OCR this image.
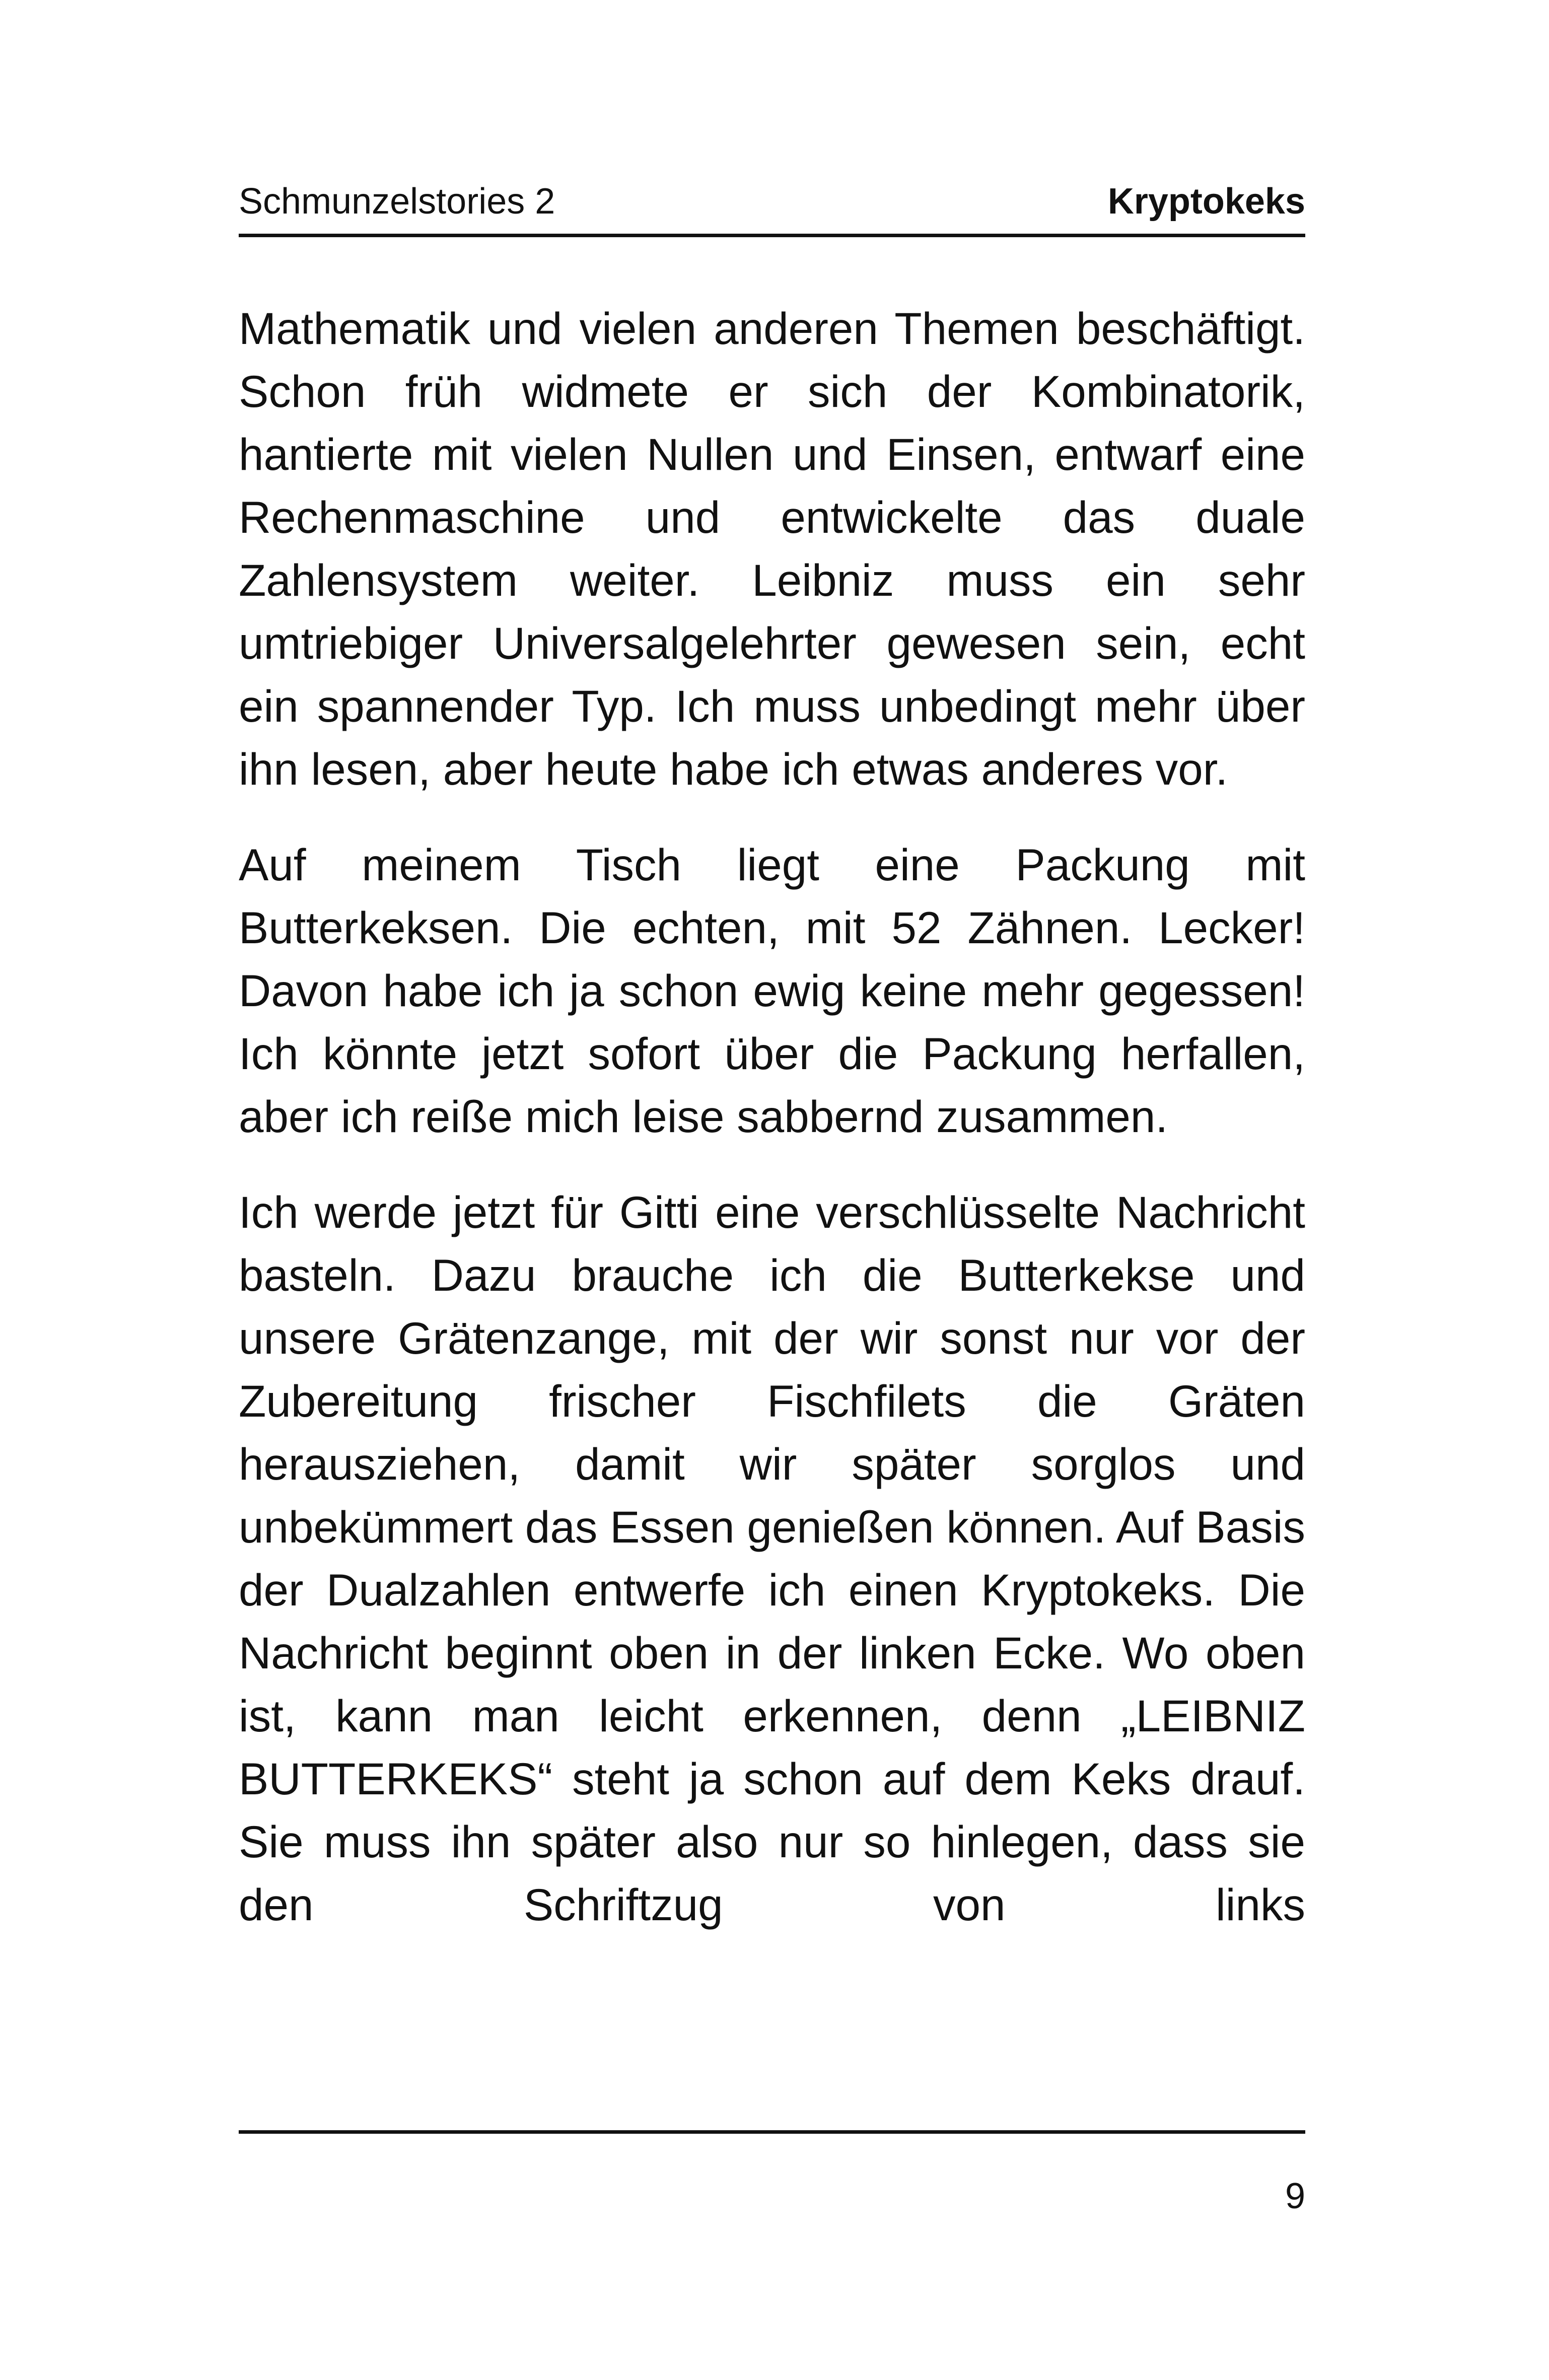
Schmunzelstories 2	Kryptokeks

Mathematik und vielen anderen Themen beschäftigt. Schon früh widmete er sich der Kombinatorik, hantierte mit vielen Nullen und Einsen, entwarf eine Rechenmaschine und entwickelte das duale Zahlensystem weiter. Leibniz muss ein sehr umtriebiger Universalgelehrter gewesen sein, echt ein spannender Typ. Ich muss unbedingt mehr über ihn lesen, aber heute habe ich etwas anderes vor.

Auf meinem Tisch liegt eine Packung mit Butterkeksen. Die echten, mit 52 Zähnen. Lecker! Davon habe ich ja schon ewig keine mehr gegessen! Ich könnte jetzt sofort über die Packung herfallen, aber ich reiße mich leise sabbernd zusammen.

Ich werde jetzt für Gitti eine verschlüsselte Nachricht basteln. Dazu brauche ich die Butterkekse und unsere Grätenzange, mit der wir sonst nur vor der Zubereitung frischer Fischfilets die Gräten herausziehen, damit wir später sorglos und unbekümmert das Essen genießen können. Auf Basis der Dualzahlen entwerfe ich einen Kryptokeks. Die Nachricht beginnt oben in der linken Ecke. Wo oben ist, kann man leicht erkennen, denn „LEIBNIZ BUTTERKEKS“ steht ja schon auf dem Keks drauf. Sie muss ihn später also nur so hinlegen, dass sie den Schriftzug von links

9
